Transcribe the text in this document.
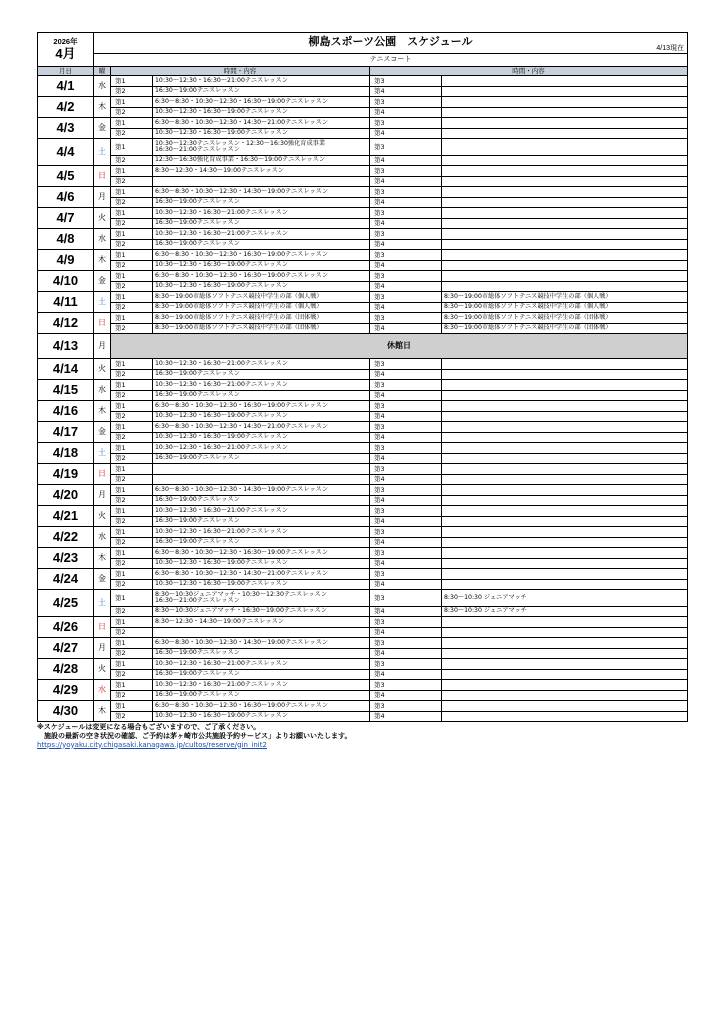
2026年
4月	柳島スポーツ公園　スケジュール 4/13現在				

	テニスコート				
月日	曜	時間・内容		時間・内容	
4/1	水	第1	10:30～12:30・16:30～21:00テニスレッスン	第3	
		第2	16:30～19:00テニスレッスン	第4	
4/2	木	第1	6:30～8:30・10:30～12:30・16:30～19:00テニスレッスン	第3	
		第2	10:30～12:30・16:30～19:00テニスレッスン	第4	
4/3	金	第1	6:30～8:30・10:30～12:30・14:30～21:00テニスレッスン	第3	
		第2	10:30～12:30・16:30～19:00テニスレッスン	第4	
4/4	土	第1	10:30～12:30テニスレッスン・12:30～16:30強化育成事業
16:30～21:00テニスレッスン	第3	
		第2	12:30～16:30強化育成事業・16:30～19:00テニスレッスン	第4	
4/5	日	第1	8:30～12:30・14:30～19:00テニスレッスン	第3	
		第2		第4	
4/6	月	第1	6:30～8:30・10:30～12:30・14:30～19:00テニスレッスン	第3	
		第2	16:30～19:00テニスレッスン	第4	
4/7	火	第1	10:30～12:30・16:30～21:00テニスレッスン	第3	
		第2	16:30～19:00テニスレッスン	第4	
4/8	水	第1	10:30～12:30・16:30～21:00テニスレッスン	第3	
		第2	16:30～19:00テニスレッスン	第4	
4/9	木	第1	6:30～8:30・10:30～12:30・16:30～19:00テニスレッスン	第3	
		第2	10:30～12:30・16:30～19:00テニスレッスン	第4	
4/10	金	第1	6:30～8:30・10:30～12:30・16:30～19:00テニスレッスン	第3	
		第2	10:30～12:30・16:30～19:00テニスレッスン	第4	
4/11	土	第1	8:30～19:00市総体ソフトテニス競技中学生の部（個人戦）	第3	8:30～19:00市総体ソフトテニス競技中学生の部（個人戦）
		第2	8:30～19:00市総体ソフトテニス競技中学生の部（個人戦）	第4	8:30～19:00市総体ソフトテニス競技中学生の部（個人戦）
4/12	日	第1	8:30～19:00市総体ソフトテニス競技中学生の部（団体戦）	第3	8:30～19:00市総体ソフトテニス競技中学生の部（団体戦）
		第2	8:30～19:00市総体ソフトテニス競技中学生の部（団体戦）	第4	8:30～19:00市総体ソフトテニス競技中学生の部（団体戦）
4/13	月	休館日			
4/14	火	第1	10:30～12:30・16:30～21:00テニスレッスン	第3	
		第2	16:30～19:00テニスレッスン	第4	
4/15	水	第1	10:30～12:30・16:30～21:00テニスレッスン	第3	
		第2	16:30～19:00テニスレッスン	第4	
4/16	木	第1	6:30～8:30・10:30～12:30・16:30～19:00テニスレッスン	第3	
		第2	10:30～12:30・16:30～19:00テニスレッスン	第4	
4/17	金	第1	6:30～8:30・10:30～12:30・14:30～21:00テニスレッスン	第3	
		第2	10:30～12:30・16:30～19:00テニスレッスン	第4	
4/18	土	第1	10:30～12:30・16:30～21:00テニスレッスン	第3	
		第2	16:30～19:00テニスレッスン	第4	
4/19	日	第1		第3	
		第2		第4	
4/20	月	第1	6:30～8:30・10:30～12:30・14:30～19:00テニスレッスン	第3	
		第2	16:30～19:00テニスレッスン	第4	
4/21	火	第1	10:30～12:30・16:30～21:00テニスレッスン	第3	
		第2	16:30～19:00テニスレッスン	第4	
4/22	水	第1	10:30～12:30・16:30～21:00テニスレッスン	第3	
		第2	16:30～19:00テニスレッスン	第4	
4/23	木	第1	6:30～8:30・10:30～12:30・16:30～19:00テニスレッスン	第3	
		第2	10:30～12:30・16:30～19:00テニスレッスン	第4	
4/24	金	第1	6:30～8:30・10:30～12:30・14:30～21:00テニスレッスン	第3	
		第2	10:30～12:30・16:30～19:00テニスレッスン	第4	
4/25	土	第1	8:30～10:30ジュニアマッチ・10:30～12:30テニスレッスン
16:30～21:00テニスレッスン	第3	8:30～10:30 ジュニアマッチ
		第2	8:30～10:30ジュニアマッチ・16:30～19:00テニスレッスン	第4	8:30～10:30 ジュニアマッチ
4/26	日	第1	8:30～12:30・14:30～19:00テニスレッスン	第3	
		第2		第4	
4/27	月	第1	6:30～8:30・10:30～12:30・14:30～19:00テニスレッスン	第3	
		第2	16:30～19:00テニスレッスン	第4	
4/28	火	第1	10:30～12:30・16:30～21:00テニスレッスン	第3	
		第2	16:30～19:00テニスレッスン	第4	
4/29	水	第1	10:30～12:30・16:30～21:00テニスレッスン	第3	
		第2	16:30～19:00テニスレッスン	第4	
4/30	木	第1	6:30～8:30・10:30～12:30・16:30～19:00テニスレッスン	第3	
		第2	10:30～12:30・16:30～19:00テニスレッスン	第4	
※スケジュールは変更になる場合もございますので、ご了承ください。
　施設の最新の空き状況の確認、ご予約は茅ヶ崎市公共施設予約サービス」よりお願いいたします。
https://yoyaku.city.chigasaki.kanagawa.jp/cultos/reserve/gin_init2
